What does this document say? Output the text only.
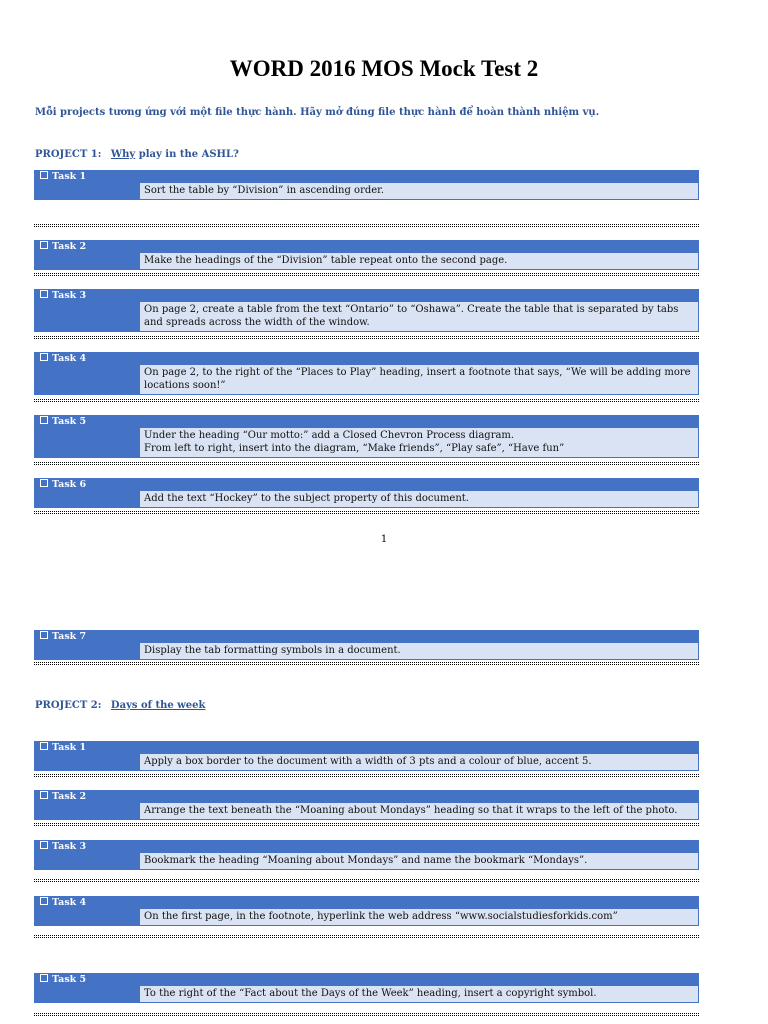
WORD 2016 MOS Mock Test 2
Mỗi projects tương ứng với một file thực hành. Hãy mở đúng file thực hành để hoàn thành nhiệm vụ.
PROJECT 1: Why play in the ASHL?
Task 1
Sort the table by “Division” in ascending order.
Task 2
Make the headings of the “Division” table repeat onto the second page.
Task 3
On page 2, create a table from the text “Ontario” to “Oshawa”. Create the table that is separated by tabs and spreads across the width of the window.
Task 4
On page 2, to the right of the “Places to Play” heading, insert a footnote that says, “We will be adding more locations soon!”
Task 5
Under the heading “Our motto:” add a Closed Chevron Process diagram.
From left to right, insert into the diagram, “Make friends”, “Play safe”, “Have fun”
Task 6
Add the text “Hockey” to the subject property of this document.
1
Task 7
Display the tab formatting symbols in a document.
PROJECT 2: Days of the week
Task 1
Apply a box border to the document with a width of 3 pts and a colour of blue, accent 5.
Task 2
Arrange the text beneath the “Moaning about Mondays” heading so that it wraps to the left of the photo.
Task 3
Bookmark the heading “Moaning about Mondays” and name the bookmark “Mondays”.
Task 4
On the first page, in the footnote, hyperlink the web address “www.socialstudiesforkids.com”
Task 5
To the right of the “Fact about the Days of the Week” heading, insert a copyright symbol.
